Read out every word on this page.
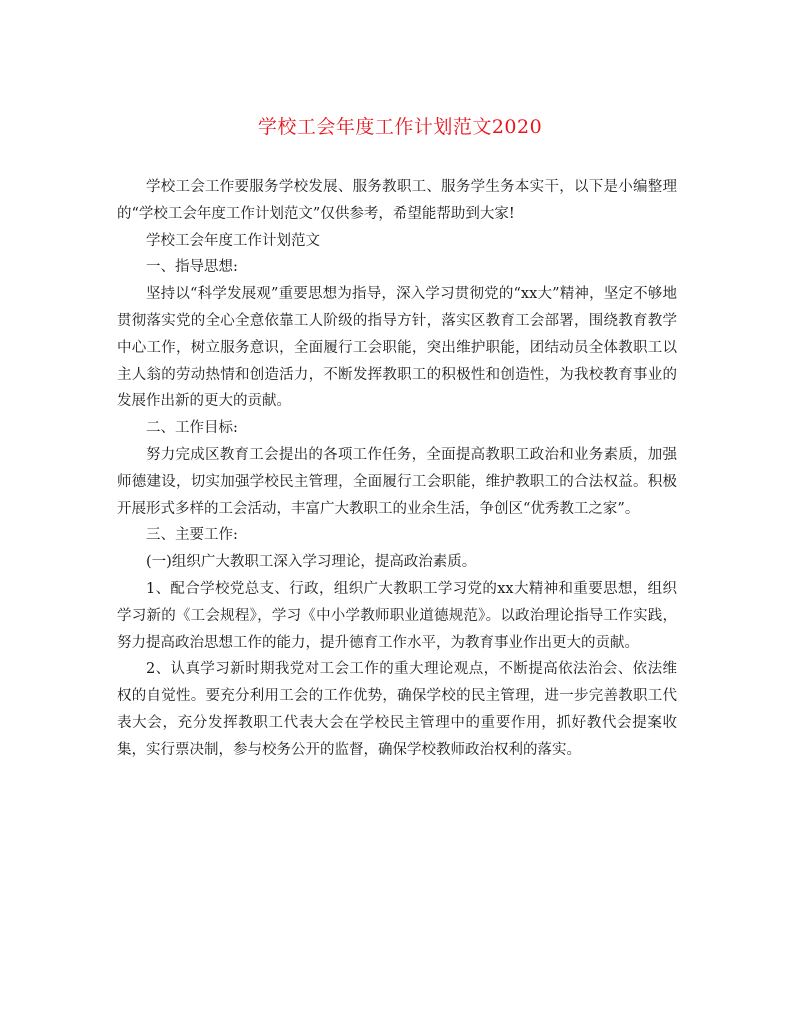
学校工会年度工作计划范文2020

学校工会工作要服务学校发展、服务教职工、服务学生务本实干，以下是小编整理的“学校工会年度工作计划范文”仅供参考，希望能帮助到大家!

学校工会年度工作计划范文

一、指导思想:

坚持以“科学发展观”重要思想为指导，深入学习贯彻党的“xx大”精神，坚定不够地贯彻落实党的全心全意依靠工人阶级的指导方针，落实区教育工会部署，围绕教育教学中心工作，树立服务意识，全面履行工会职能，突出维护职能，团结动员全体教职工以主人翁的劳动热情和创造活力，不断发挥教职工的积极性和创造性，为我校教育事业的发展作出新的更大的贡献。

二、工作目标:

努力完成区教育工会提出的各项工作任务，全面提高教职工政治和业务素质，加强师德建设，切实加强学校民主管理，全面履行工会职能，维护教职工的合法权益。积极开展形式多样的工会活动，丰富广大教职工的业余生活，争创区“优秀教工之家”。

三、主要工作:

(一)组织广大教职工深入学习理论，提高政治素质。

1、配合学校党总支、行政，组织广大教职工学习党的xx大精神和重要思想，组织学习新的《工会规程》，学习《中小学教师职业道德规范》。以政治理论指导工作实践，努力提高政治思想工作的能力，提升德育工作水平，为教育事业作出更大的贡献。

2、认真学习新时期我党对工会工作的重大理论观点，不断提高依法治会、依法维权的自觉性。要充分利用工会的工作优势，确保学校的民主管理，进一步完善教职工代表大会，充分发挥教职工代表大会在学校民主管理中的重要作用，抓好教代会提案收集，实行票决制，参与校务公开的监督，确保学校教师政治权利的落实。
